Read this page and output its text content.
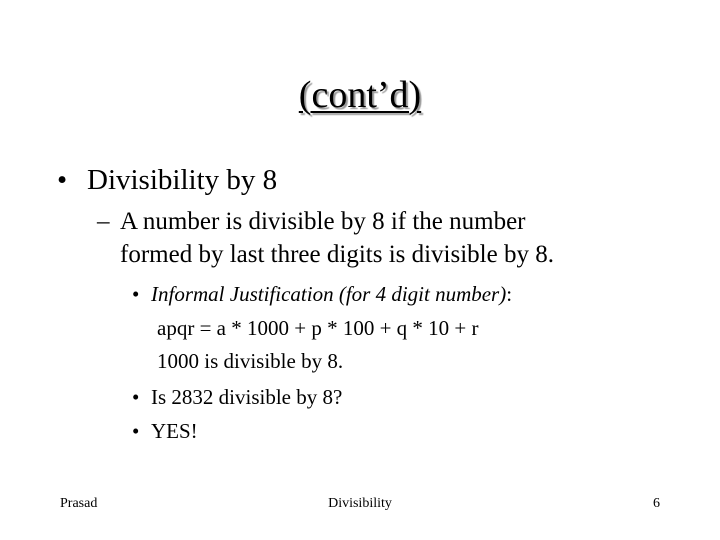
(cont’d)
• Divisibility by 8
– A number is divisible by 8 if the number
formed by last three digits is divisible by 8.
• Informal Justification (for 4 digit number):
apqr = a * 1000 + p * 100 + q * 10 + r
1000 is divisible by 8.
• Is 2832 divisible by 8?
• YES!
Prasad	Divisibility	6
